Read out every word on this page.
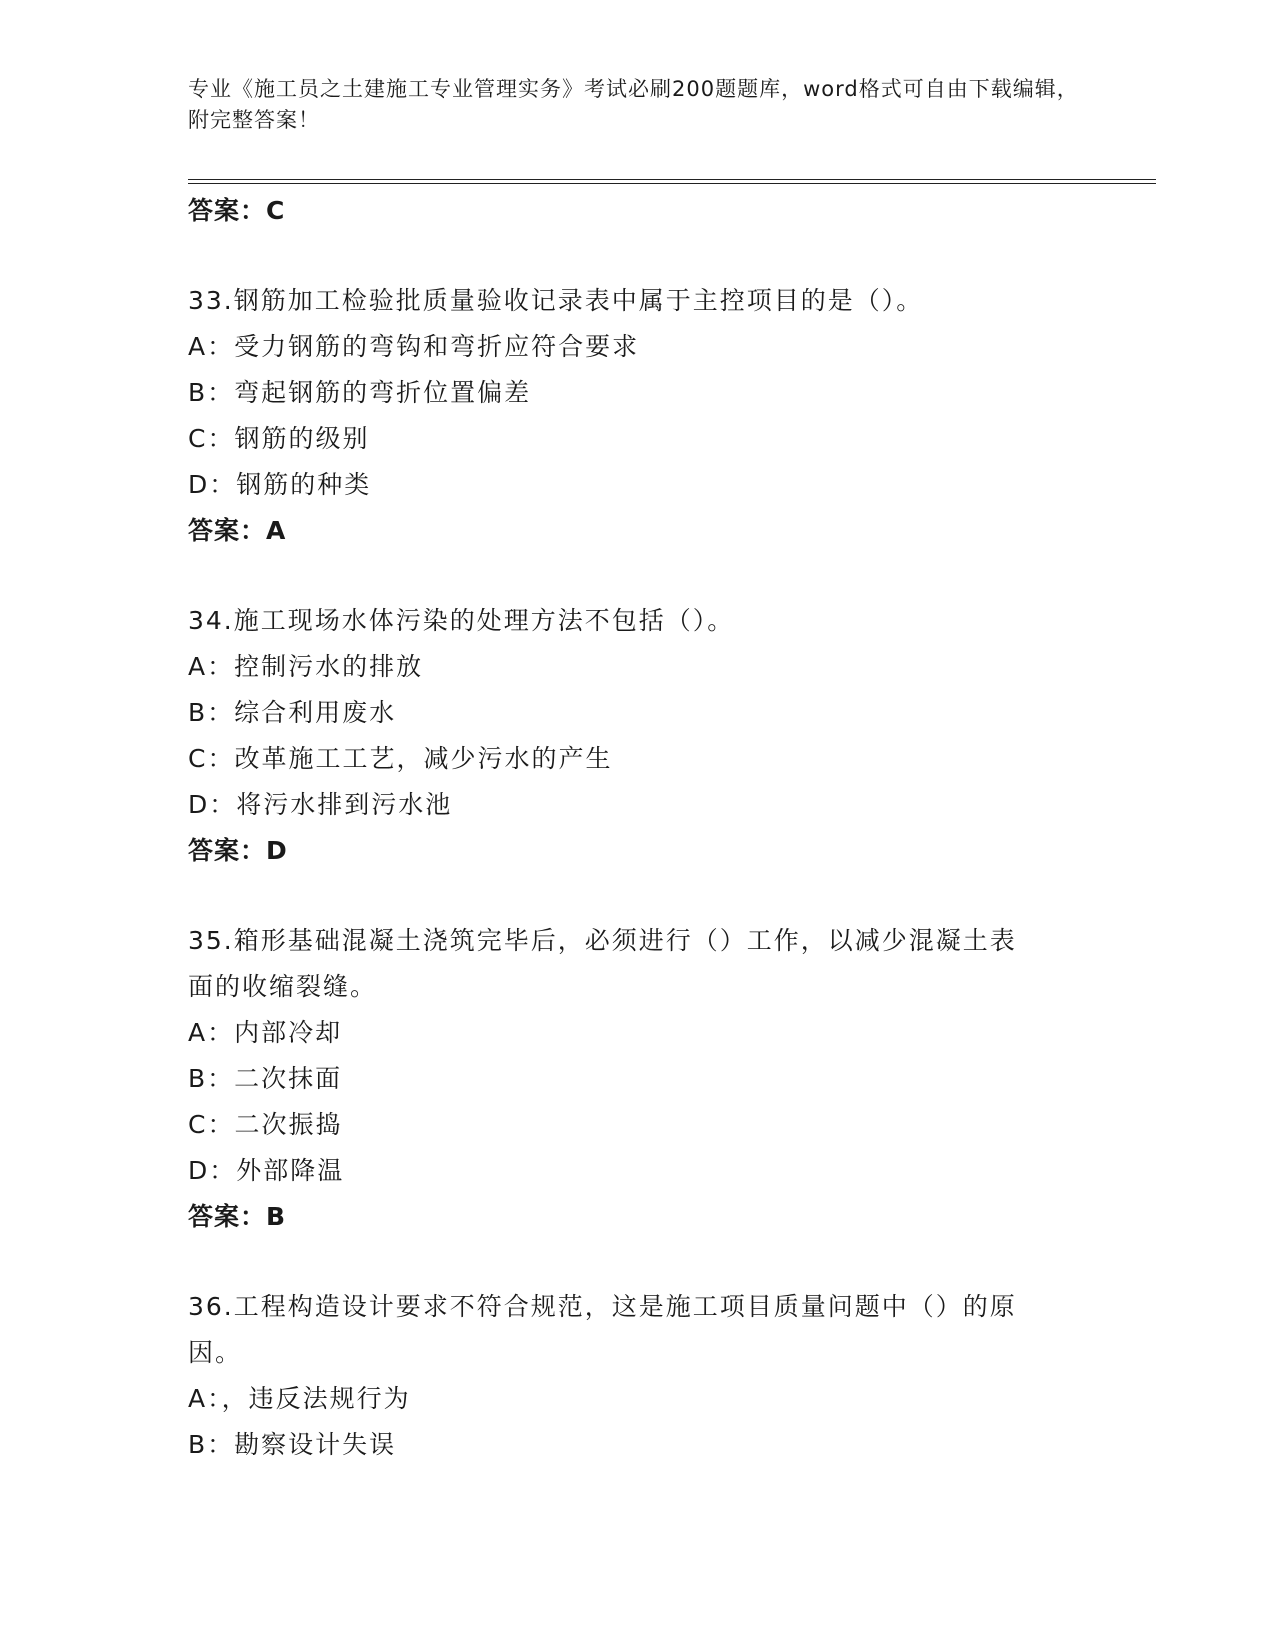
专业《施工员之土建施工专业管理实务》考试必刷200题题库，word格式可自由下载编辑，附完整答案！
答案：C
33.钢筋加工检验批质量验收记录表中属于主控项目的是（）。
A：受力钢筋的弯钩和弯折应符合要求
B：弯起钢筋的弯折位置偏差
C：钢筋的级别
D：钢筋的种类
答案：A
34.施工现场水体污染的处理方法不包括（）。
A：控制污水的排放
B：综合利用废水
C：改革施工工艺，减少污水的产生
D：将污水排到污水池
答案：D
35.箱形基础混凝土浇筑完毕后，必须进行（）工作，以减少混凝土表
面的收缩裂缝。
A：内部冷却
B：二次抹面
C：二次振捣
D：外部降温
答案：B
36.工程构造设计要求不符合规范，这是施工项目质量问题中（）的原
因。
A：，违反法规行为
B：勘察设计失误
